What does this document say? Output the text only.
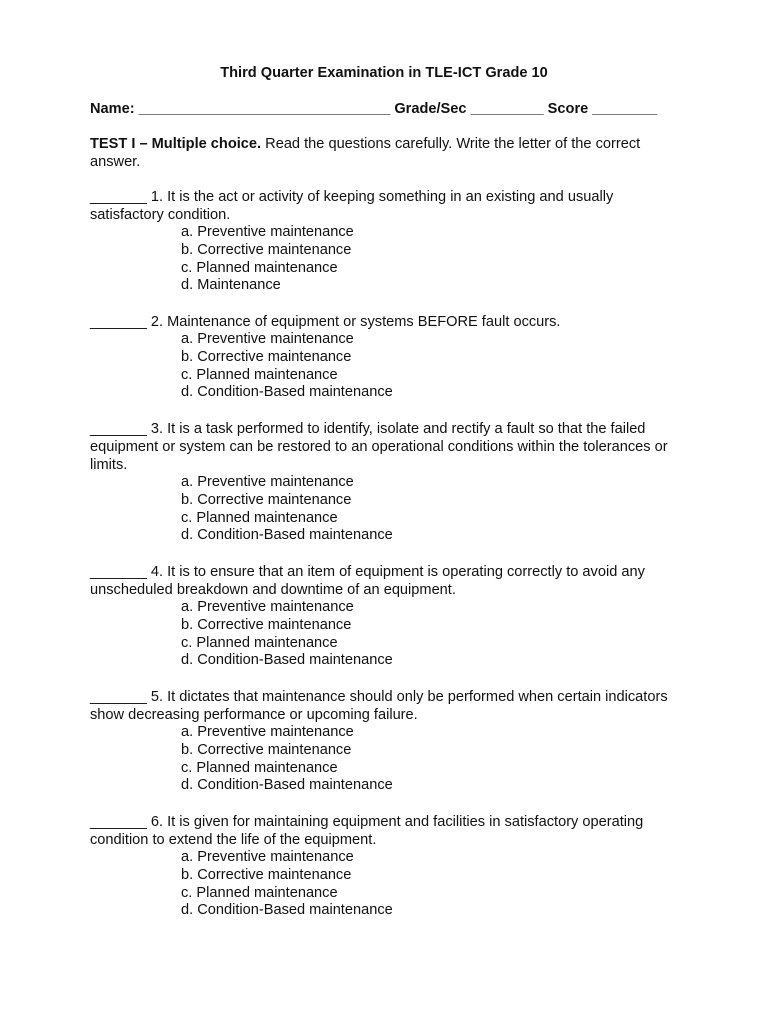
Third Quarter Examination in TLE-ICT Grade 10
Name: _______________________________ Grade/Sec _________ Score ________
TEST I – Multiple choice. Read the questions carefully. Write the letter of the correct answer.
_______ 1. It is the act or activity of keeping something in an existing and usually satisfactory condition.
a. Preventive maintenance
b. Corrective maintenance
c. Planned maintenance
d. Maintenance
_______ 2. Maintenance of equipment or systems BEFORE fault occurs.
a. Preventive maintenance
b. Corrective maintenance
c. Planned maintenance
d. Condition-Based maintenance
_______ 3. It is a task performed to identify, isolate and rectify a fault so that the failed equipment or system can be restored to an operational conditions within the tolerances or limits.
a. Preventive maintenance
b. Corrective maintenance
c. Planned maintenance
d. Condition-Based maintenance
_______ 4. It is to ensure that an item of equipment is operating correctly to avoid any unscheduled breakdown and downtime of an equipment.
a. Preventive maintenance
b. Corrective maintenance
c. Planned maintenance
d. Condition-Based maintenance
_______ 5. It dictates that maintenance should only be performed when certain indicators show decreasing performance or upcoming failure.
a. Preventive maintenance
b. Corrective maintenance
c. Planned maintenance
d. Condition-Based maintenance
_______ 6. It is given for maintaining equipment and facilities in satisfactory operating condition to extend the life of the equipment.
a. Preventive maintenance
b. Corrective maintenance
c. Planned maintenance
d. Condition-Based maintenance
